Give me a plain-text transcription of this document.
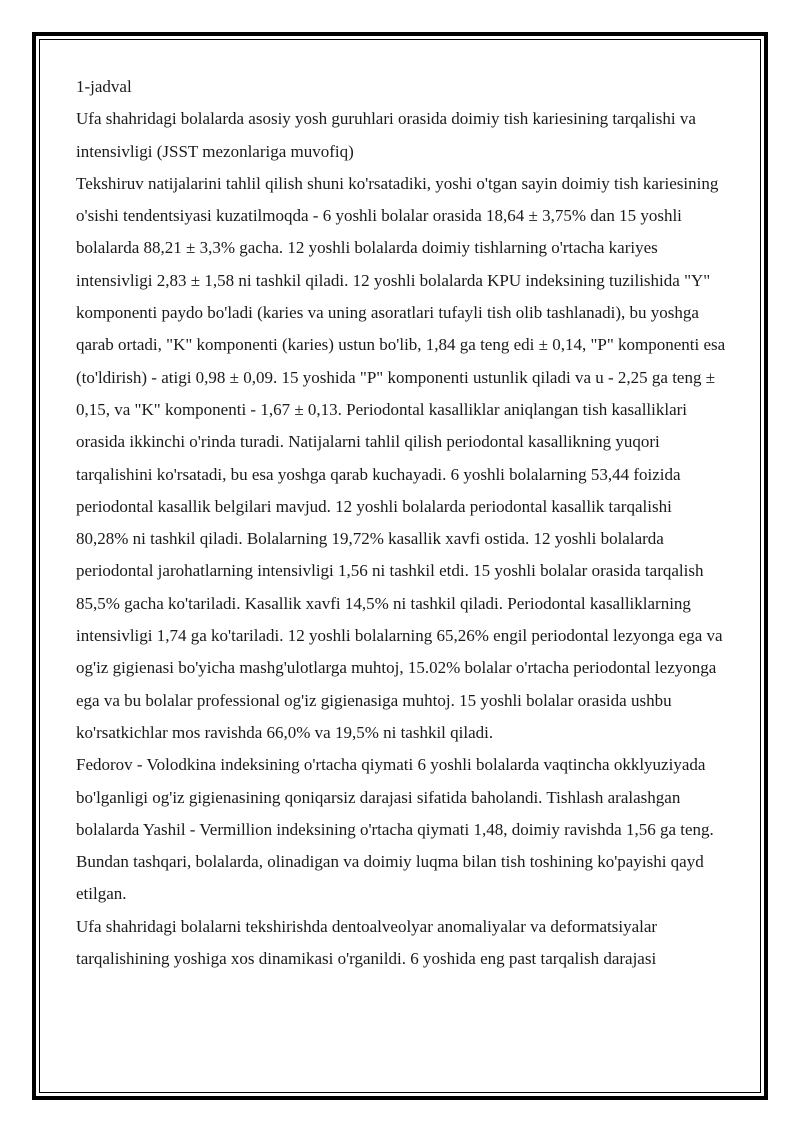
1-jadval

Ufa shahridagi bolalarda asosiy yosh guruhlari orasida doimiy tish kariesining tarqalishi va intensivligi (JSST mezonlariga muvofiq)

Tekshiruv natijalarini tahlil qilish shuni ko'rsatadiki, yoshi o'tgan sayin doimiy tish kariesining o'sishi tendentsiyasi kuzatilmoqda - 6 yoshli bolalar orasida 18,64 ± 3,75% dan 15 yoshli bolalarda 88,21 ± 3,3% gacha. 12 yoshli bolalarda doimiy tishlarning o'rtacha kariyes intensivligi 2,83 ± 1,58 ni tashkil qiladi. 12 yoshli bolalarda KPU indeksining tuzilishida "Y" komponenti paydo bo'ladi (karies va uning asoratlari tufayli tish olib tashlanadi), bu yoshga qarab ortadi, "K" komponenti (karies) ustun bo'lib, 1,84 ga teng edi ± 0,14, "P" komponenti esa (to'ldirish) - atigi 0,98 ± 0,09. 15 yoshida "P" komponenti ustunlik qiladi va u - 2,25 ga teng ± 0,15, va "K" komponenti - 1,67 ± 0,13. Periodontal kasalliklar aniqlangan tish kasalliklari orasida ikkinchi o'rinda turadi. Natijalarni tahlil qilish periodontal kasallikning yuqori tarqalishini ko'rsatadi, bu esa yoshga qarab kuchayadi. 6 yoshli bolalarning 53,44 foizida periodontal kasallik belgilari mavjud. 12 yoshli bolalarda periodontal kasallik tarqalishi 80,28% ni tashkil qiladi. Bolalarning 19,72% kasallik xavfi ostida. 12 yoshli bolalarda periodontal jarohatlarning intensivligi 1,56 ni tashkil etdi. 15 yoshli bolalar orasida tarqalish 85,5% gacha ko'tariladi. Kasallik xavfi 14,5% ni tashkil qiladi. Periodontal kasalliklarning intensivligi 1,74 ga ko'tariladi. 12 yoshli bolalarning 65,26% engil periodontal lezyonga ega va og'iz gigienasi bo'yicha mashg'ulotlarga muhtoj, 15.02% bolalar o'rtacha periodontal lezyonga ega va bu bolalar professional og'iz gigienasiga muhtoj. 15 yoshli bolalar orasida ushbu ko'rsatkichlar mos ravishda 66,0% va 19,5% ni tashkil qiladi.

Fedorov - Volodkina indeksining o'rtacha qiymati 6 yoshli bolalarda vaqtincha okklyuziyada bo'lganligi og'iz gigienasining qoniqarsiz darajasi sifatida baholandi. Tishlash aralashgan bolalarda Yashil - Vermillion indeksining o'rtacha qiymati 1,48, doimiy ravishda 1,56 ga teng. Bundan tashqari, bolalarda, olinadigan va doimiy luqma bilan tish toshining ko'payishi qayd etilgan.

Ufa shahridagi bolalarni tekshirishda dentoalveolyar anomaliyalar va deformatsiyalar tarqalishining yoshiga xos dinamikasi o'rganildi. 6 yoshida eng past tarqalish darajasi
